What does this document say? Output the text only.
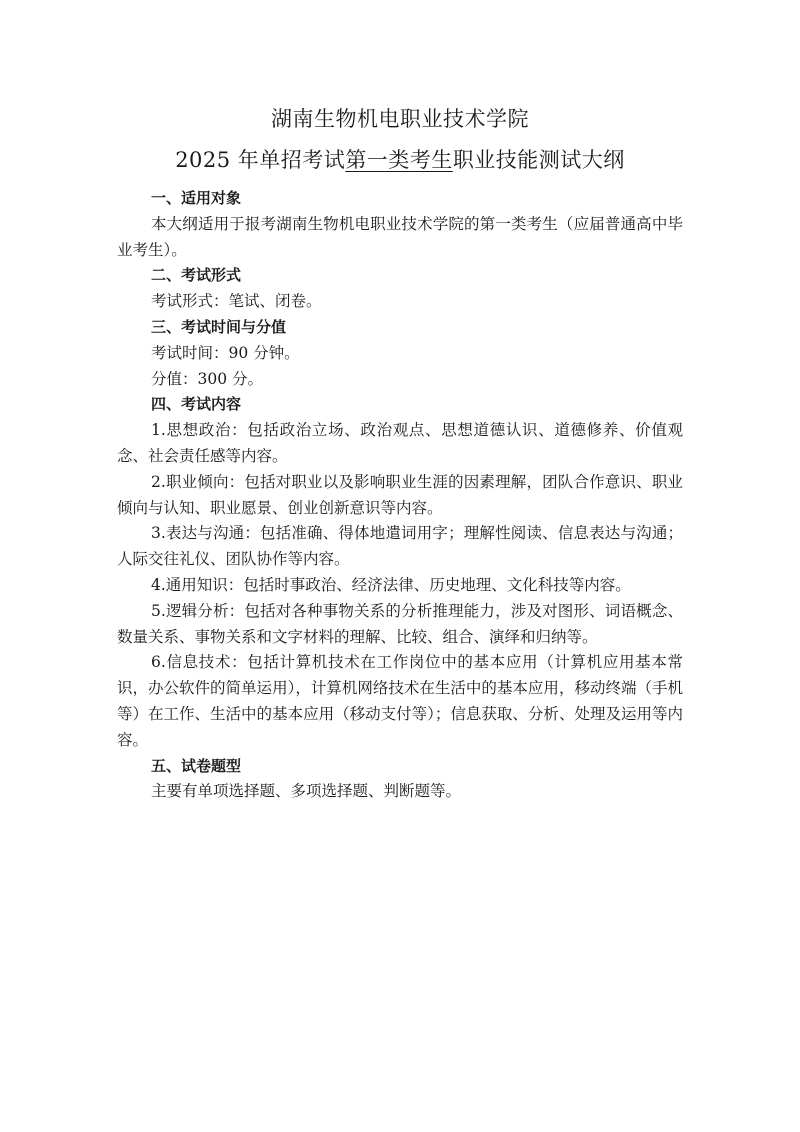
湖南生物机电职业技术学院
2025 年单招考试第一类考生职业技能测试大纲

一、适用对象

本大纲适用于报考湖南生物机电职业技术学院的第一类考生（应届普通高中毕业考生）。

二、考试形式

考试形式：笔试、闭卷。

三、考试时间与分值

考试时间：90 分钟。

分值：300 分。

四、考试内容

1.思想政治：包括政治立场、政治观点、思想道德认识、道德修养、价值观念、社会责任感等内容。

2.职业倾向：包括对职业以及影响职业生涯的因素理解，团队合作意识、职业倾向与认知、职业愿景、创业创新意识等内容。

3.表达与沟通：包括准确、得体地遣词用字；理解性阅读、信息表达与沟通；人际交往礼仪、团队协作等内容。

4.通用知识：包括时事政治、经济法律、历史地理、文化科技等内容。

5.逻辑分析：包括对各种事物关系的分析推理能力，涉及对图形、词语概念、数量关系、事物关系和文字材料的理解、比较、组合、演绎和归纳等。

6.信息技术：包括计算机技术在工作岗位中的基本应用（计算机应用基本常识，办公软件的简单运用），计算机网络技术在生活中的基本应用，移动终端（手机等）在工作、生活中的基本应用（移动支付等）；信息获取、分析、处理及运用等内容。

五、试卷题型

主要有单项选择题、多项选择题、判断题等。
